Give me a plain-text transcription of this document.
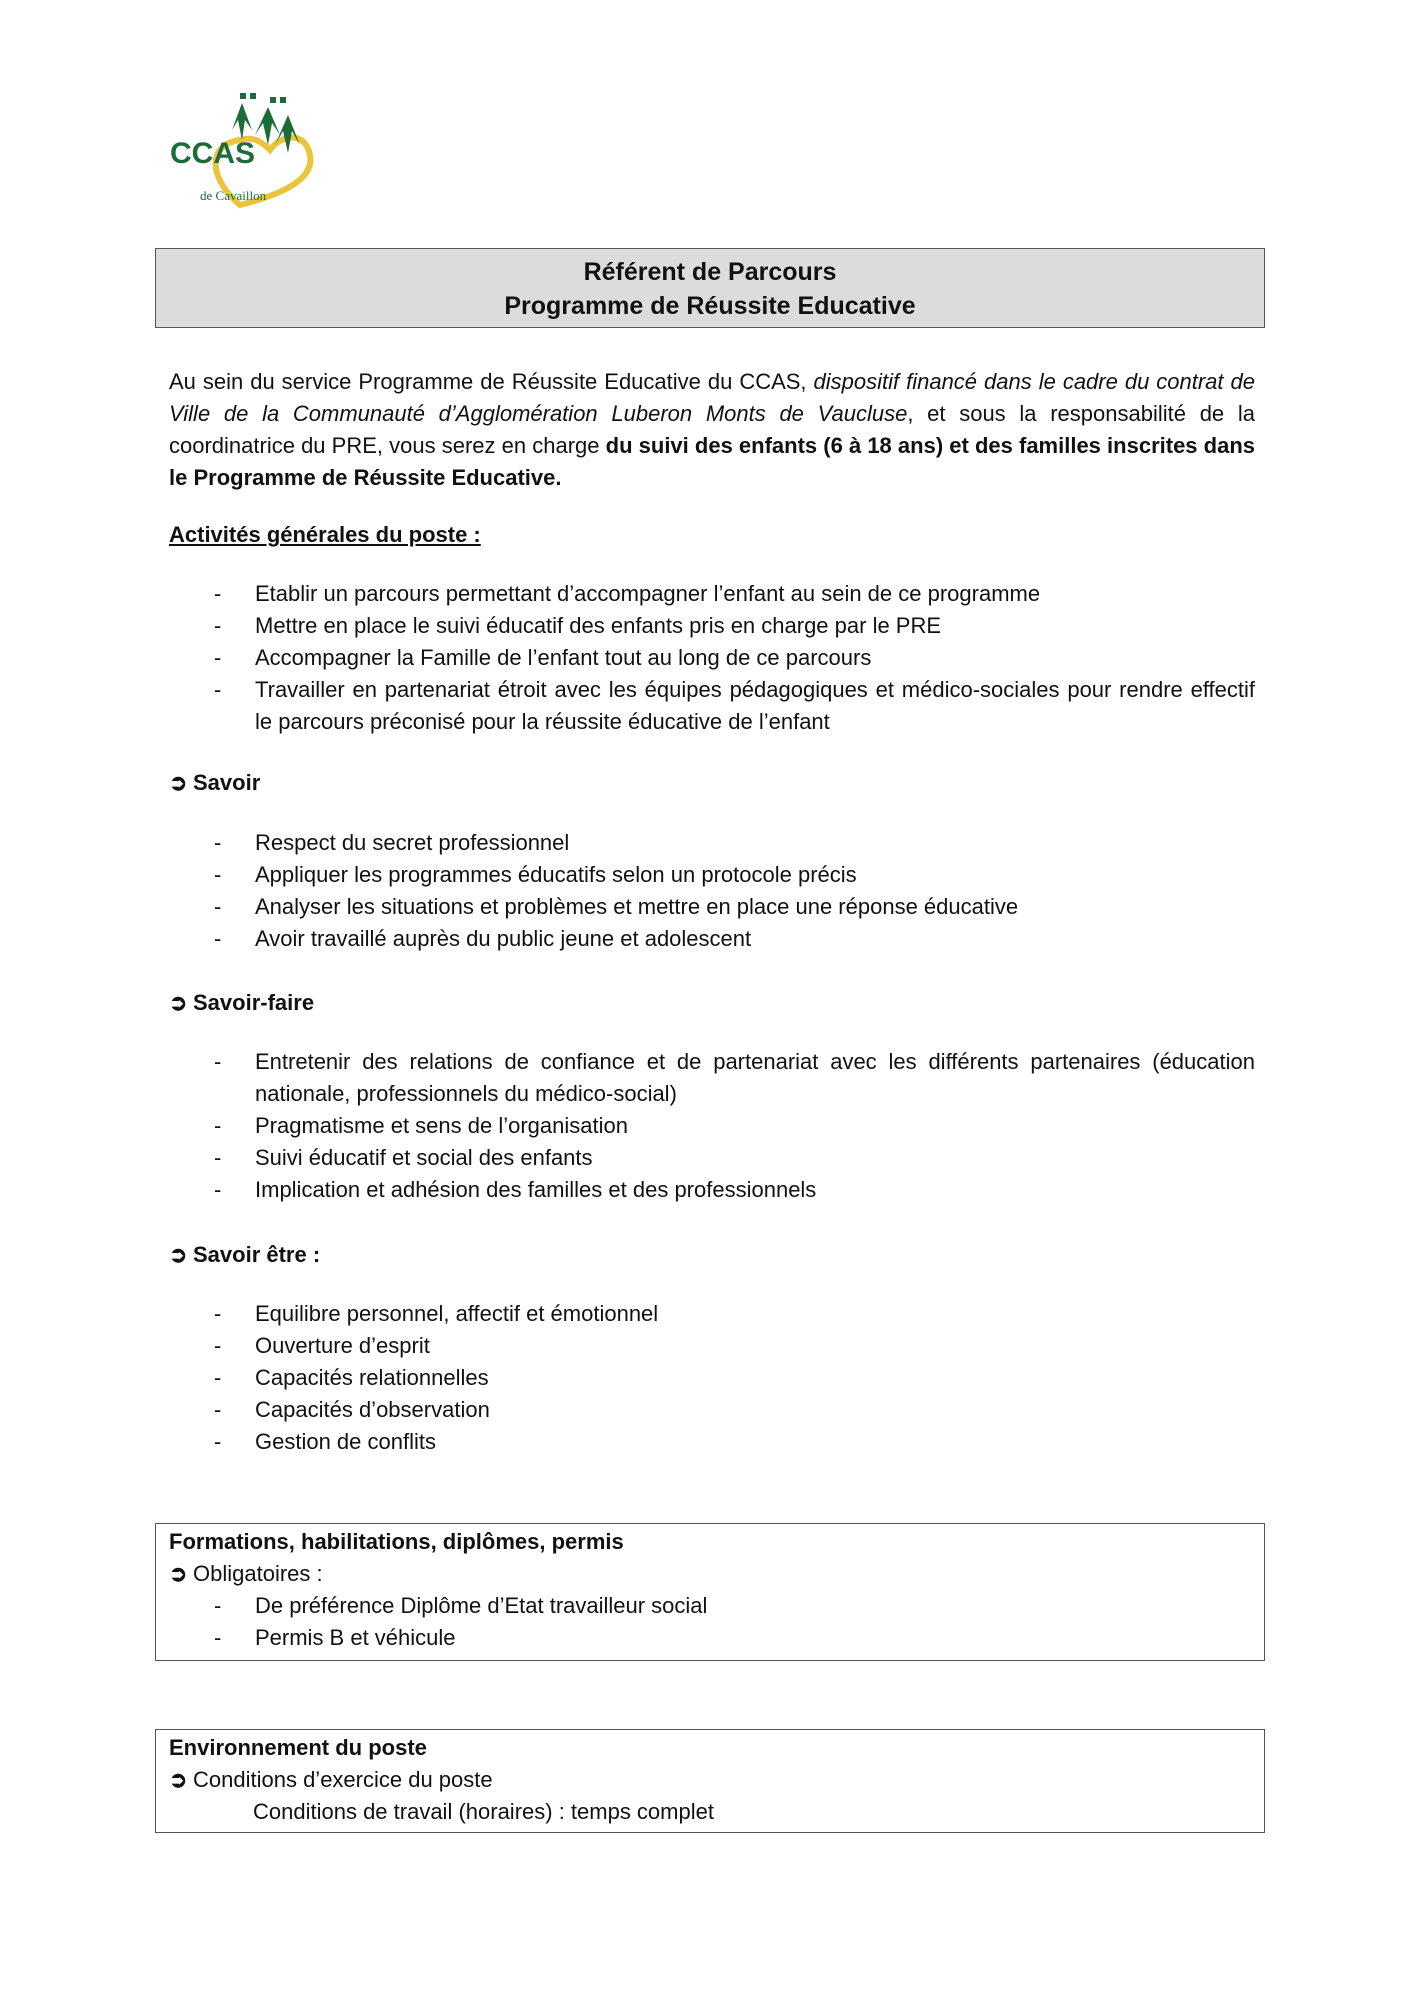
CCAS
de Cavaillon
Référent de Parcours
Programme de Réussite Educative
Au sein du service Programme de Réussite Educative du CCAS, dispositif financé dans le cadre du contrat de Ville de la Communauté d’Agglomération Luberon Monts de Vaucluse, et sous la responsabilité de la coordinatrice du PRE, vous serez en charge du suivi des enfants (6 à 18 ans) et des familles inscrites dans le Programme de Réussite Educative.
Activités générales du poste :
- Etablir un parcours permettant d’accompagner l’enfant au sein de ce programme
- Mettre en place le suivi éducatif des enfants pris en charge par le PRE
- Accompagner la Famille de l’enfant tout au long de ce parcours
- Travailler en partenariat étroit avec les équipes pédagogiques et médico-sociales pour rendre effectif le parcours préconisé pour la réussite éducative de l’enfant
➲ Savoir
- Respect du secret professionnel
- Appliquer les programmes éducatifs selon un protocole précis
- Analyser les situations et problèmes et mettre en place une réponse éducative
- Avoir travaillé auprès du public jeune et adolescent
➲ Savoir-faire
- Entretenir des relations de confiance et de partenariat avec les différents partenaires (éducation nationale, professionnels du médico-social)
- Pragmatisme et sens de l’organisation
- Suivi éducatif et social des enfants
- Implication et adhésion des familles et des professionnels
➲ Savoir être :
- Equilibre personnel, affectif et émotionnel
- Ouverture d’esprit
- Capacités relationnelles
- Capacités d’observation
- Gestion de conflits
Formations, habilitations, diplômes, permis
➲ Obligatoires :
- De préférence Diplôme d’Etat travailleur social
- Permis B et véhicule
Environnement du poste
➲ Conditions d’exercice du poste
Conditions de travail (horaires) : temps complet
